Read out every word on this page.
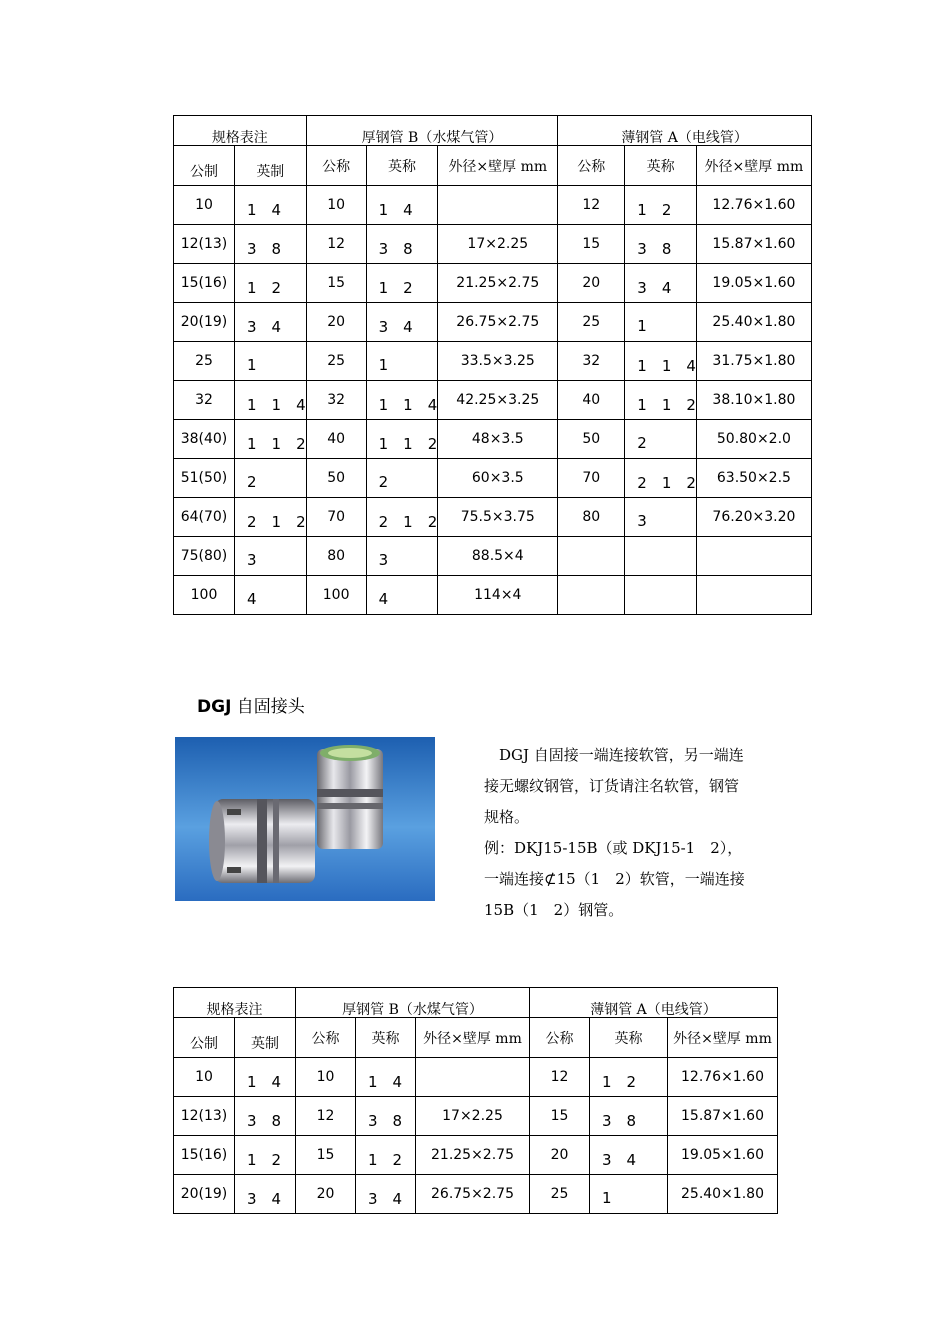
规格表注		厚钢管 B（水煤气管）			薄钢管 A（电线管）		
公制	英制	公称	英称	外径×壁厚 mm	公称	英称	外径×壁厚 mm
10	1　4	10	1　4		12	1　2	12.76×1.60
12(13)	3　8	12	3　8	17×2.25	15	3　8	15.87×1.60
15(16)	1　2	15	1　2	21.25×2.75	20	3　4	19.05×1.60
20(19)	3　4	20	3　4	26.75×2.75	25	1	25.40×1.80
25	1	25	1	33.5×3.25	32	1　1　4	31.75×1.80
32	1　1　4	32	1　1　4	42.25×3.25	40	1　1　2	38.10×1.80
38(40)	1　1　2	40	1　1　2	48×3.5	50	2	50.80×2.0
51(50)	2	50	2	60×3.5	70	2　1　2	63.50×2.5
64(70)	2　1　2	70	2　1　2	75.5×3.75	80	3	76.20×3.20
75(80)	3	80	3	88.5×4			
100	4	100	4	114×4			
DGJ 自固接头

　DGJ 自固接一端连接软管，另一端连

接无螺纹钢管，订货请注名软管，钢管

规格。

例：DKJ15-15B（或 DKJ15-1　2），

一端连接⊄15（1　2）软管，一端连接

15B（1　2）钢管。

规格表注		厚钢管 B（水煤气管）			薄钢管 A（电线管）		
公制	英制	公称	英称	外径×壁厚 mm	公称	英称	外径×壁厚 mm
10	1　4	10	1　4		12	1　2	12.76×1.60
12(13)	3　8	12	3　8	17×2.25	15	3　8	15.87×1.60
15(16)	1　2	15	1　2	21.25×2.75	20	3　4	19.05×1.60
20(19)	3　4	20	3　4	26.75×2.75	25	1	25.40×1.80
